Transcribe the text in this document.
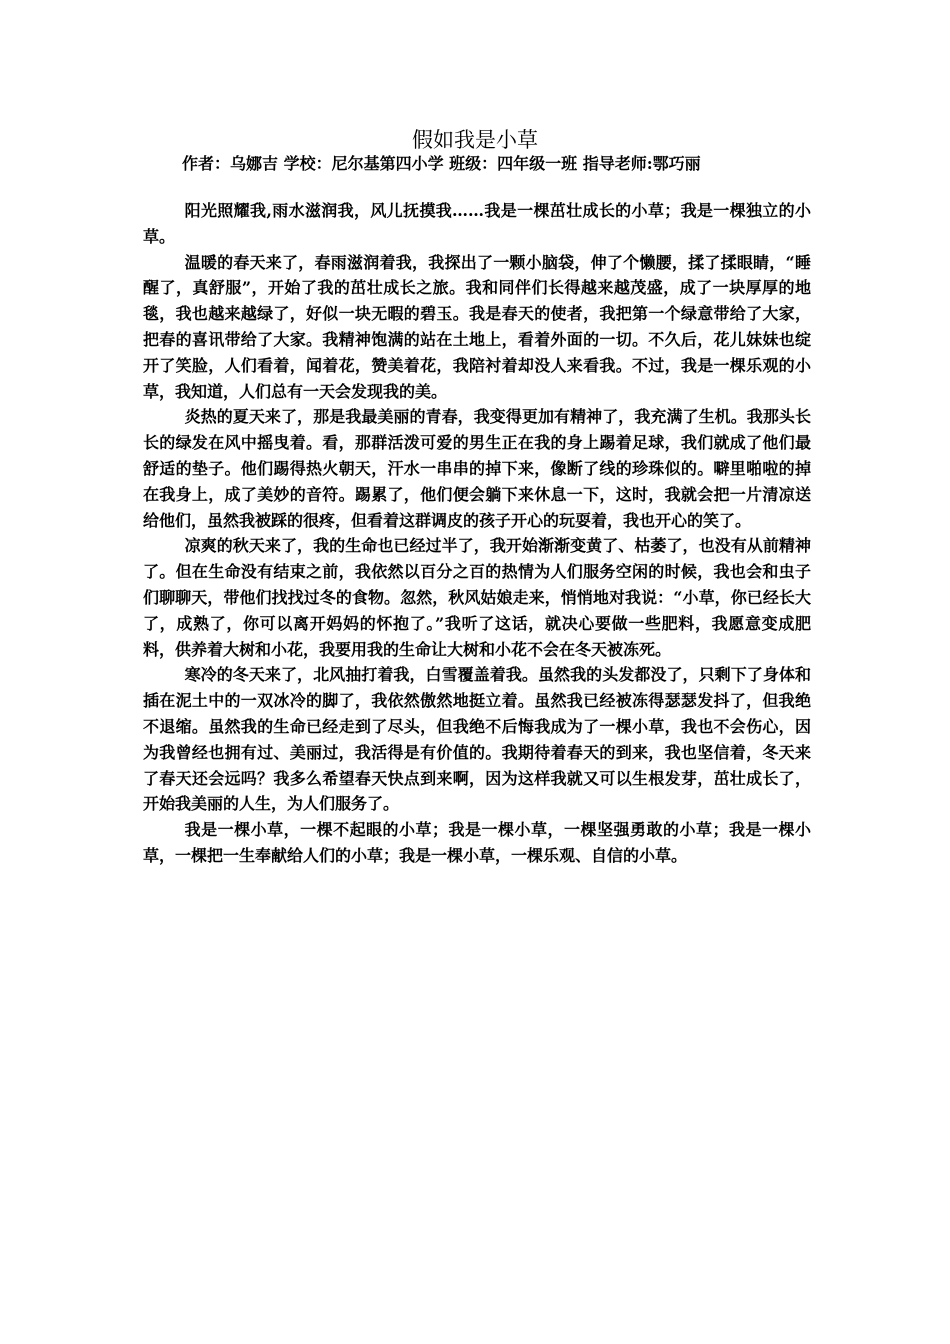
假如我是小草
作者：乌娜吉 学校：尼尔基第四小学 班级：四年级一班 指导老师:鄂巧丽

阳光照耀我,雨水滋润我，风儿抚摸我……我是一棵茁壮成长的小草；我是一棵独立的小草。

温暖的春天来了，春雨滋润着我，我探出了一颗小脑袋，伸了个懒腰，揉了揉眼睛，“睡醒了，真舒服”，开始了我的茁壮成长之旅。我和同伴们长得越来越茂盛，成了一块厚厚的地毯，我也越来越绿了，好似一块无暇的碧玉。我是春天的使者，我把第一个绿意带给了大家，把春的喜讯带给了大家。我精神饱满的站在土地上，看着外面的一切。不久后，花儿妹妹也绽开了笑脸，人们看着，闻着花，赞美着花，我陪衬着却没人来看我。不过，我是一棵乐观的小草，我知道，人们总有一天会发现我的美。

炎热的夏天来了，那是我最美丽的青春，我变得更加有精神了，我充满了生机。我那头长长的绿发在风中摇曳着。看，那群活泼可爱的男生正在我的身上踢着足球，我们就成了他们最舒适的垫子。他们踢得热火朝天，汗水一串串的掉下来，像断了线的珍珠似的。噼里啪啦的掉在我身上，成了美妙的音符。踢累了，他们便会躺下来休息一下，这时，我就会把一片清凉送给他们，虽然我被踩的很疼，但看着这群调皮的孩子开心的玩耍着，我也开心的笑了。

凉爽的秋天来了，我的生命也已经过半了，我开始渐渐变黄了、枯萎了，也没有从前精神了。但在生命没有结束之前，我依然以百分之百的热情为人们服务空闲的时候，我也会和虫子们聊聊天，带他们找找过冬的食物。忽然，秋风姑娘走来，悄悄地对我说：“小草，你已经长大了，成熟了，你可以离开妈妈的怀抱了。”我听了这话，就决心要做一些肥料，我愿意变成肥料，供养着大树和小花，我要用我的生命让大树和小花不会在冬天被冻死。

寒冷的冬天来了，北风抽打着我，白雪覆盖着我。虽然我的头发都没了，只剩下了身体和插在泥土中的一双冰冷的脚了，我依然傲然地挺立着。虽然我已经被冻得瑟瑟发抖了，但我绝不退缩。虽然我的生命已经走到了尽头，但我绝不后悔我成为了一棵小草，我也不会伤心，因为我曾经也拥有过、美丽过，我活得是有价值的。我期待着春天的到来，我也坚信着，冬天来了春天还会远吗？我多么希望春天快点到来啊，因为这样我就又可以生根发芽，茁壮成长了，开始我美丽的人生，为人们服务了。

我是一棵小草，一棵不起眼的小草；我是一棵小草，一棵坚强勇敢的小草；我是一棵小草，一棵把一生奉献给人们的小草；我是一棵小草，一棵乐观、自信的小草。
